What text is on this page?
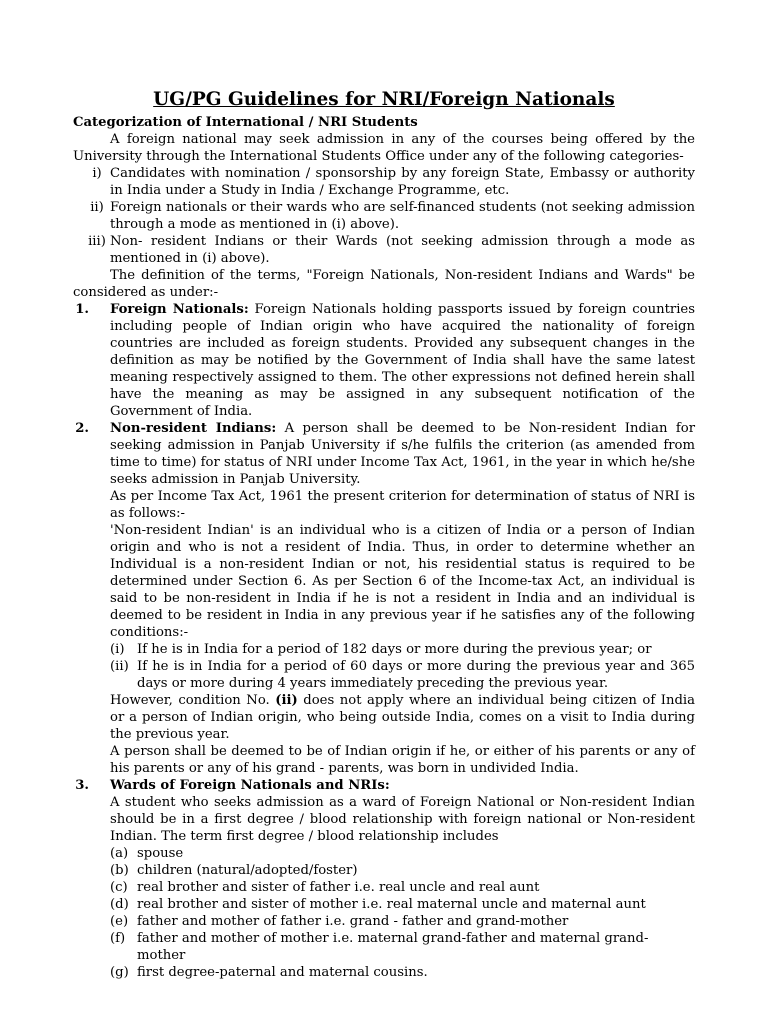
UG/PG Guidelines for NRI/Foreign Nationals

Categorization of International / NRI Students

A foreign national may seek admission in any of the courses being offered by the University through the International Students Office under any of the following categories-

i) Candidates with nomination / sponsorship by any foreign State, Embassy or authority in India under a Study in India / Exchange Programme, etc.
ii) Foreign nationals or their wards who are self-financed students (not seeking admission through a mode as mentioned in (i) above).
iii) Non- resident Indians or their Wards (not seeking admission through a mode as mentioned in (i) above).

The definition of the terms, "Foreign Nationals, Non-resident Indians and Wards" be considered as under:-

1.	Foreign Nationals: Foreign Nationals holding passports issued by foreign countries including people of Indian origin who have acquired the nationality of foreign countries are included as foreign students. Provided any subsequent changes in the definition as may be notified by the Government of India shall have the same latest meaning respectively assigned to them. The other expressions not defined herein shall have the meaning as may be assigned in any subsequent notification of the Government of India.
2.	Non-resident Indians: A person shall be deemed to be Non-resident Indian for seeking admission in Panjab University if s/he fulfils the criterion (as amended from time to time) for status of NRI under Income Tax Act, 1961, in the year in which he/she seeks admission in Panjab University.

As per Income Tax Act, 1961 the present criterion for determination of status of NRI is as follows:-

'Non-resident Indian' is an individual who is a citizen of India or a person of Indian origin and who is not a resident of India. Thus, in order to determine whether an Individual is a non-resident Indian or not, his residential status is required to be determined under Section 6. As per Section 6 of the Income-tax Act, an individual is said to be non-resident in India if he is not a resident in India and an individual is deemed to be resident in India in any previous year if he satisfies any of the following conditions:-

(i) If he is in India for a period of 182 days or more during the previous year; or
(ii) If he is in India for a period of 60 days or more during the previous year and 365 days or more during 4 years immediately preceding the previous year.

However, condition No. (ii) does not apply where an individual being citizen of India or a person of Indian origin, who being outside India, comes on a visit to India during the previous year.

A person shall be deemed to be of Indian origin if he, or either of his parents or any of his parents or any of his grand - parents, was born in undivided India.

3.	Wards of Foreign Nationals and NRIs:

A student who seeks admission as a ward of Foreign National or Non-resident Indian should be in a first degree / blood relationship with foreign national or Non-resident Indian. The term first degree / blood relationship includes

(a) spouse
(b) children (natural/adopted/foster)
(c) real brother and sister of father i.e. real uncle and real aunt
(d) real brother and sister of mother i.e. real maternal uncle and maternal aunt
(e) father and mother of father i.e. grand - father and grand-mother
(f) father and mother of mother i.e. maternal grand-father and maternal grand-mother
(g) first degree-paternal and maternal cousins.
